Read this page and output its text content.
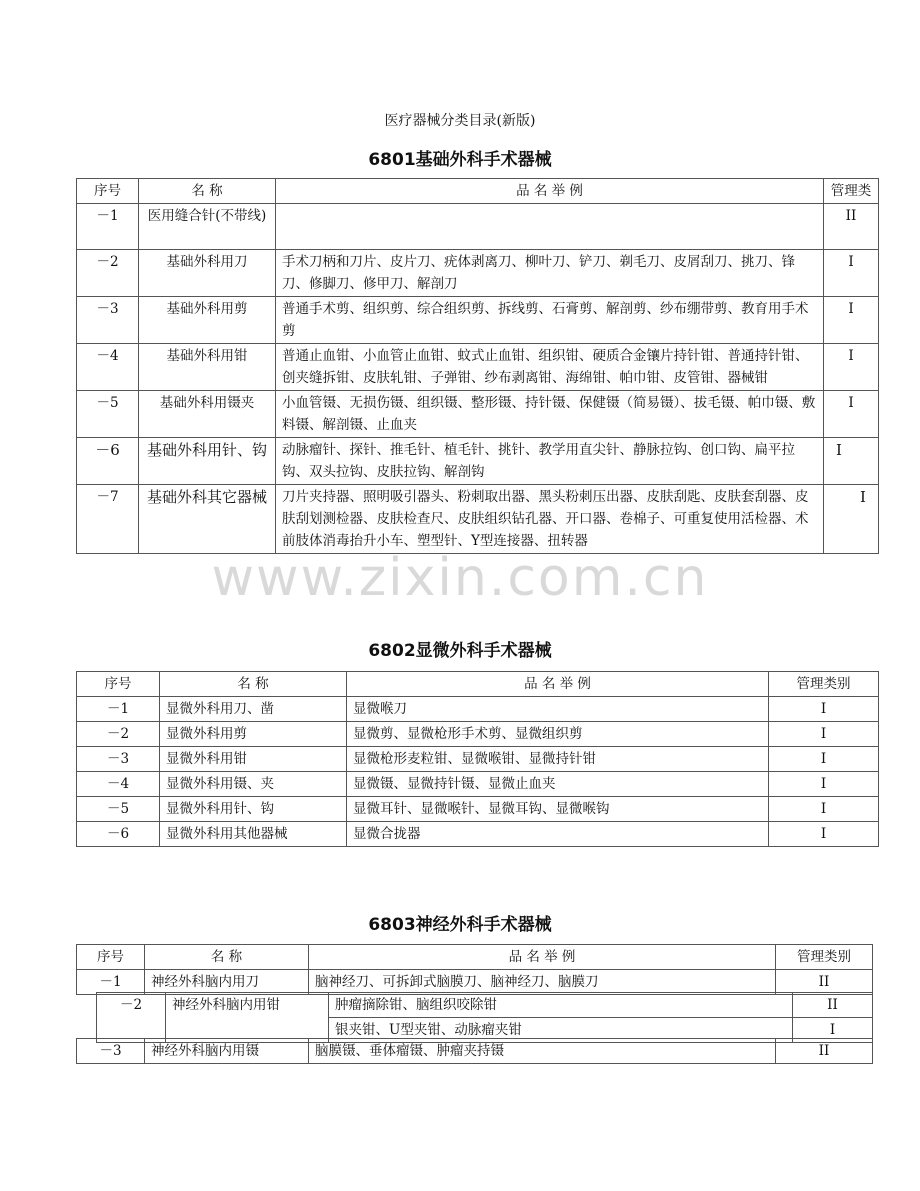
医疗器械分类目录(新版)
6801基础外科手术器械
序号	名 称	品 名 举 例	管理类
－1	医用缝合针(不带线)		II
－2	基础外科用刀	手术刀柄和刀片、皮片刀、疣体剥离刀、柳叶刀、铲刀、剃毛刀、皮屑刮刀、挑刀、锋刀、修脚刀、修甲刀、解剖刀	I
－3	基础外科用剪	普通手术剪、组织剪、综合组织剪、拆线剪、石膏剪、解剖剪、纱布绷带剪、教育用手术剪	I
－4	基础外科用钳	普通止血钳、小血管止血钳、蚊式止血钳、组织钳、硬质合金镶片持针钳、普通持针钳、创夹缝拆钳、皮肤轧钳、子弹钳、纱布剥离钳、海绵钳、帕巾钳、皮管钳、器械钳	I
－5	基础外科用镊夹	小血管镊、无损伤镊、组织镊、整形镊、持针镊、保健镊（简易镊）、拔毛镊、帕巾镊、敷料镊、解剖镊、止血夹	I
－6	基础外科用针、钩	动脉瘤针、探针、推毛针、植毛针、挑针、教学用直尖针、静脉拉钩、创口钩、扁平拉钩、双头拉钩、皮肤拉钩、解剖钩	I
－7	基础外科其它器械	刀片夹持器、照明吸引器头、粉刺取出器、黑头粉刺压出器、皮肤刮匙、皮肤套刮器、皮肤刮划测检器、皮肤检查尺、皮肤组织钻孔器、开口器、卷棉子、可重复使用活检器、术前肢体消毒抬升小车、塑型针、Y型连接器、扭转器	I
www.zixin.com.cn
6802显微外科手术器械
序号	名 称	品 名 举 例	管理类别
－1	显微外科用刀、凿	显微喉刀	I
－2	显微外科用剪	显微剪、显微枪形手术剪、显微组织剪	I
－3	显微外科用钳	显微枪形麦粒钳、显微喉钳、显微持针钳	I
－4	显微外科用镊、夹	显微镊、显微持针镊、显微止血夹	I
－5	显微外科用针、钩	显微耳针、显微喉针、显微耳钩、显微喉钩	I
－6	显微外科用其他器械	显微合拢器	I
6803神经外科手术器械
序号	名 称	品 名 举 例	管理类别
－1	神经外科脑内用刀	脑神经刀、可拆卸式脑膜刀、脑神经刀、脑膜刀	II
－2	神经外科脑内用钳	肿瘤摘除钳、脑组织咬除钳	II
		银夹钳、U型夹钳、动脉瘤夹钳	I
－3	神经外科脑内用镊	脑膜镊、垂体瘤镊、肿瘤夹持镊	II
